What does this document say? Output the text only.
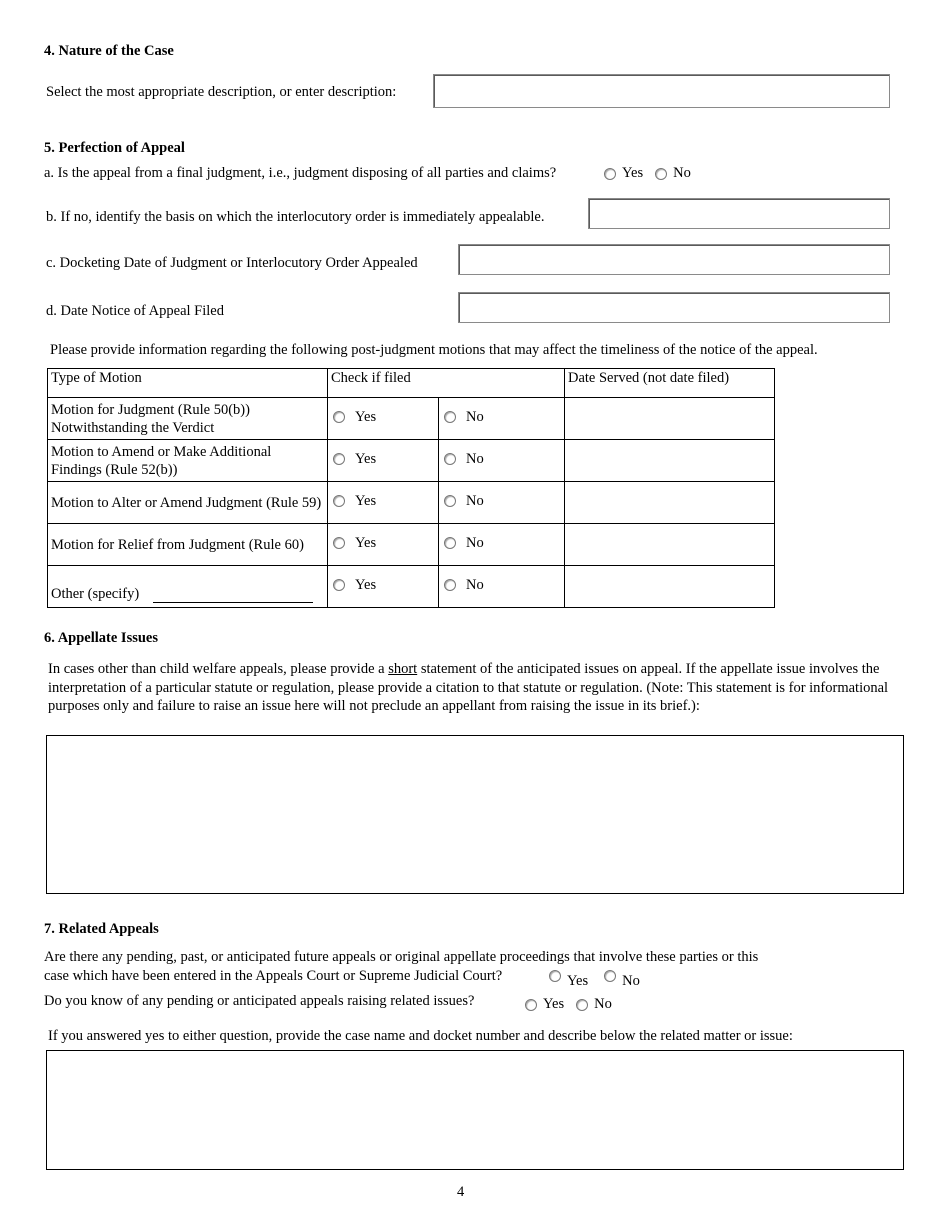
4. Nature of the Case
Select the most appropriate description, or enter description:
5. Perfection of Appeal
a. Is the appeal from a final judgment, i.e., judgment disposing of all parties and claims?	Yes No
b. If no, identify the basis on which the interlocutory order is immediately appealable.
c. Docketing Date of Judgment or Interlocutory Order Appealed
d. Date Notice of Appeal Filed
Please provide information regarding the following post-judgment motions that may affect the timeliness of the notice of the appeal.
Type of Motion	Check if filed		Date Served (not date filed)
Motion for Judgment (Rule 50(b)) Notwithstanding the Verdict	Yes	No	

Motion to Amend or Make Additional Findings (Rule 52(b))	Yes	No	

Motion to Alter or Amend Judgment (Rule 59)	Yes	No	

Motion for Relief from Judgment (Rule 60)	Yes	No	

Other (specify)	Yes	No	

6. Appellate Issues
In cases other than child welfare appeals, please provide a short statement of the anticipated issues on appeal. If the appellate issue involves the interpretation of a particular statute or regulation, please provide a citation to that statute or regulation. (Note: This statement is for informational purposes only and failure to raise an issue here will not preclude an appellant from raising the issue in its brief.):
7. Related Appeals
Are there any pending, past, or anticipated future appeals or original appellate proceedings that involve these parties or this
case which have been entered in the Appeals Court or Supreme Judicial Court?	Yes No
Do you know of any pending or anticipated appeals raising related issues?	Yes No
If you answered yes to either question, provide the case name and docket number and describe below the related matter or issue:
4
